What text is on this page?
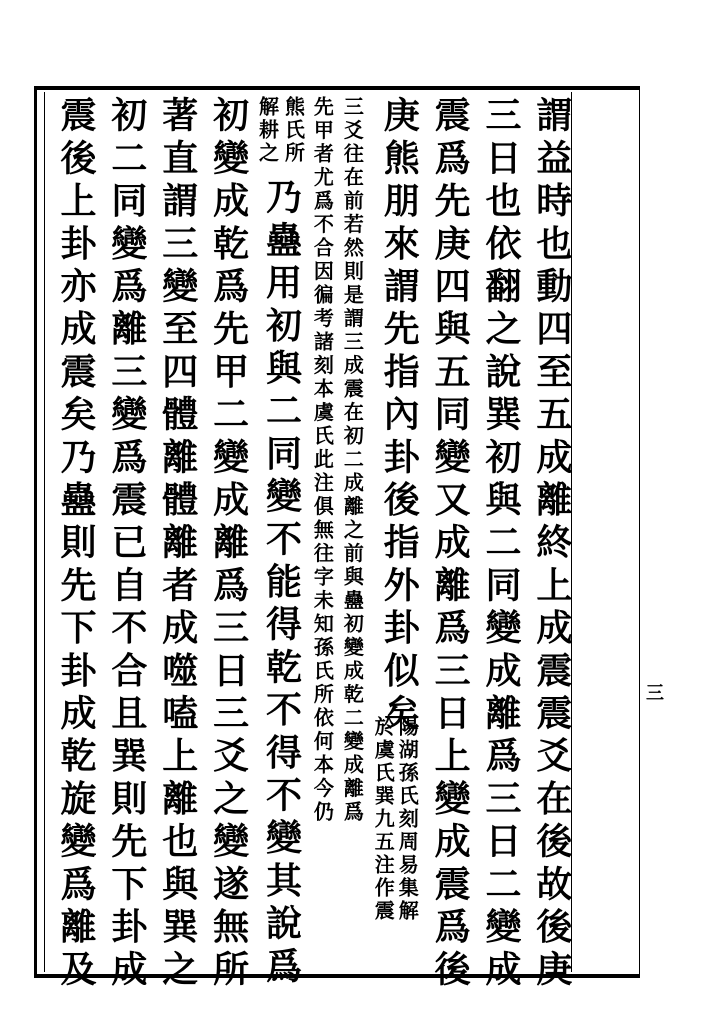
三
謂益時也動四至五成離終上成震震爻在後故後庚
三日也依翻之說巽初與二同變成離爲三日二變成
震爲先庚四與五同變又成離爲三日上變成震爲後
庚熊朋來謂先指內卦後指外卦似矣
陽湖孫氏刻周易集解
於虞氏巽九五注作震
三爻往在前若然則是謂三成震在初二成離之前與蠱初變成乾二變成離爲
先甲者尤爲不合因徧考諸刻本虞氏此注俱無往字未知孫氏所依何本今仍
熊氏所
解耕之
乃蠱用初與二同變不能得乾不得不變其說爲
初變成乾爲先甲二變成離爲三日三爻之變遂無所
著直謂三變至四體離體離者成噬嗑上離也與巽之
初二同變爲離三變爲震已自不合且巽則先下卦成
震後上卦亦成震矣乃蠱則先下卦成乾旋變爲離及
